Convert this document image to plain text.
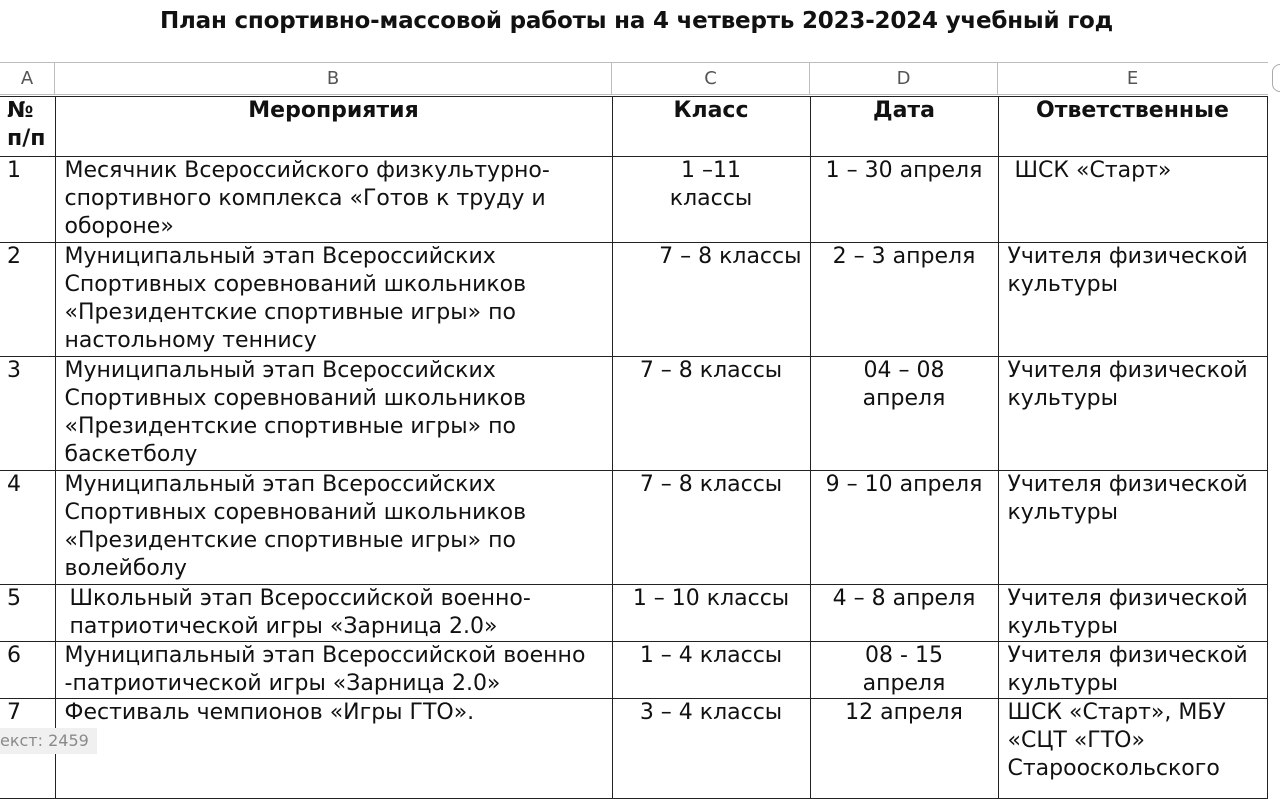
План спортивно-массовой работы на 4 четверть 2023-2024 учебный год
A	B	C	D	E
№ п/п	Мероприятия	Класс	Дата	Ответственные
1	Месячник Всероссийского физкультурно-спортивного комплекса «Готов к труду и обороне»	1 –11 классы	1 – 30 апреля	ШСК «Старт»
2	Муниципальный этап Всероссийских Спортивных соревнований школьников «Президентские спортивные игры» по настольному теннису	7 – 8 классы	2 – 3 апреля	Учителя физической культуры
3	Муниципальный этап Всероссийских Спортивных соревнований школьников «Президентские спортивные игры» по баскетболу	7 – 8 классы	04 – 08 апреля	Учителя физической культуры
4	Муниципальный этап Всероссийских Спортивных соревнований школьников «Президентские спортивные игры» по волейболу	7 – 8 классы	9 – 10 апреля	Учителя физической культуры
5	Школьный этап Всероссийской военно-патриотической игры «Зарница 2.0»	1 – 10 классы	4 – 8 апреля	Учителя физической культуры
6	Муниципальный этап Всероссийской военно -патриотической игры «Зарница 2.0»	1 – 4 классы	08 - 15 апреля	Учителя физической культуры
7	Фестиваль чемпионов «Игры ГТО».	3 – 4 классы	12 апреля	ШСК «Старт», МБУ «СЦТ «ГТО» Старооскольского
екст: 2459
